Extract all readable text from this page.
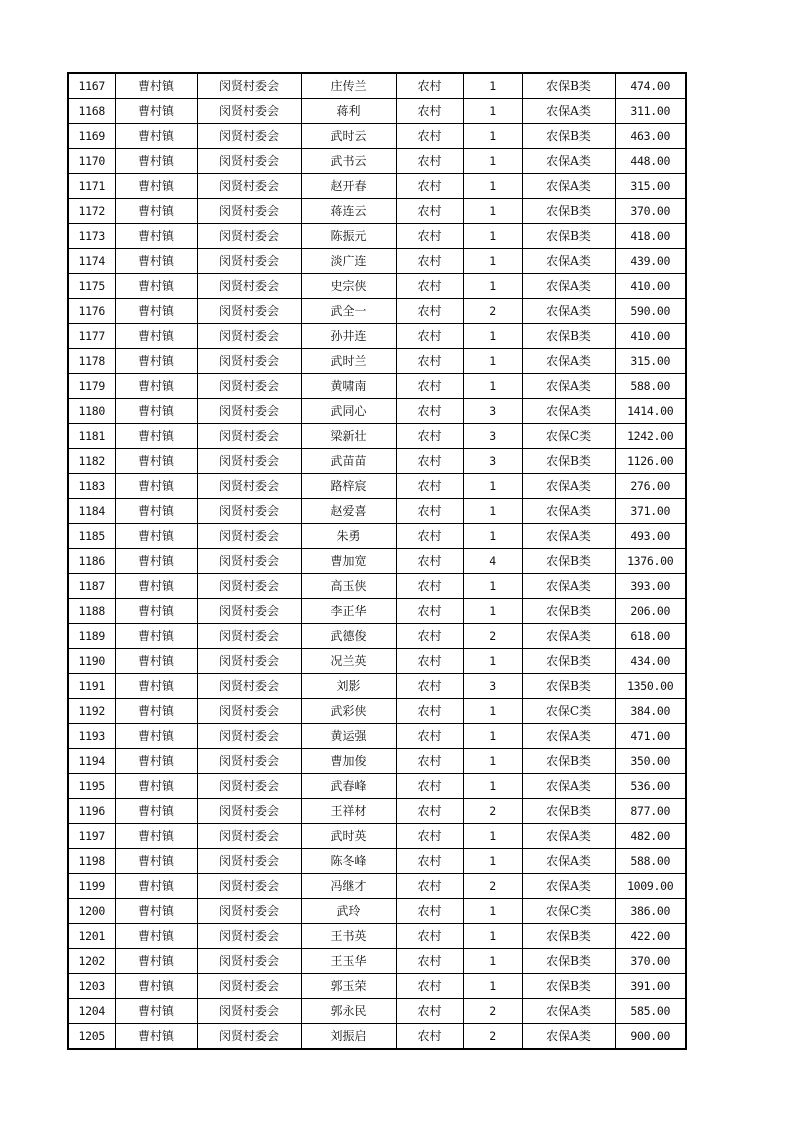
1167	曹村镇	闵贤村委会	庄传兰	农村	1	农保B类	474.00
1168	曹村镇	闵贤村委会	蒋利	农村	1	农保A类	311.00
1169	曹村镇	闵贤村委会	武时云	农村	1	农保B类	463.00
1170	曹村镇	闵贤村委会	武书云	农村	1	农保A类	448.00
1171	曹村镇	闵贤村委会	赵开春	农村	1	农保A类	315.00
1172	曹村镇	闵贤村委会	蒋连云	农村	1	农保B类	370.00
1173	曹村镇	闵贤村委会	陈振元	农村	1	农保B类	418.00
1174	曹村镇	闵贤村委会	淡广连	农村	1	农保A类	439.00
1175	曹村镇	闵贤村委会	史宗侠	农村	1	农保A类	410.00
1176	曹村镇	闵贤村委会	武全一	农村	2	农保A类	590.00
1177	曹村镇	闵贤村委会	孙井连	农村	1	农保B类	410.00
1178	曹村镇	闵贤村委会	武时兰	农村	1	农保A类	315.00
1179	曹村镇	闵贤村委会	黄啸南	农村	1	农保A类	588.00
1180	曹村镇	闵贤村委会	武同心	农村	3	农保A类	1414.00
1181	曹村镇	闵贤村委会	梁新壮	农村	3	农保C类	1242.00
1182	曹村镇	闵贤村委会	武苗苗	农村	3	农保B类	1126.00
1183	曹村镇	闵贤村委会	路梓宸	农村	1	农保A类	276.00
1184	曹村镇	闵贤村委会	赵爱喜	农村	1	农保A类	371.00
1185	曹村镇	闵贤村委会	朱勇	农村	1	农保A类	493.00
1186	曹村镇	闵贤村委会	曹加宽	农村	4	农保B类	1376.00
1187	曹村镇	闵贤村委会	高玉侠	农村	1	农保A类	393.00
1188	曹村镇	闵贤村委会	李正华	农村	1	农保B类	206.00
1189	曹村镇	闵贤村委会	武德俊	农村	2	农保A类	618.00
1190	曹村镇	闵贤村委会	况兰英	农村	1	农保B类	434.00
1191	曹村镇	闵贤村委会	刘影	农村	3	农保B类	1350.00
1192	曹村镇	闵贤村委会	武彩侠	农村	1	农保C类	384.00
1193	曹村镇	闵贤村委会	黄运强	农村	1	农保A类	471.00
1194	曹村镇	闵贤村委会	曹加俊	农村	1	农保B类	350.00
1195	曹村镇	闵贤村委会	武春峰	农村	1	农保A类	536.00
1196	曹村镇	闵贤村委会	王祥材	农村	2	农保B类	877.00
1197	曹村镇	闵贤村委会	武时英	农村	1	农保A类	482.00
1198	曹村镇	闵贤村委会	陈冬峰	农村	1	农保A类	588.00
1199	曹村镇	闵贤村委会	冯继才	农村	2	农保A类	1009.00
1200	曹村镇	闵贤村委会	武玲	农村	1	农保C类	386.00
1201	曹村镇	闵贤村委会	王书英	农村	1	农保B类	422.00
1202	曹村镇	闵贤村委会	王玉华	农村	1	农保B类	370.00
1203	曹村镇	闵贤村委会	郭玉荣	农村	1	农保B类	391.00
1204	曹村镇	闵贤村委会	郭永民	农村	2	农保A类	585.00
1205	曹村镇	闵贤村委会	刘振启	农村	2	农保A类	900.00
